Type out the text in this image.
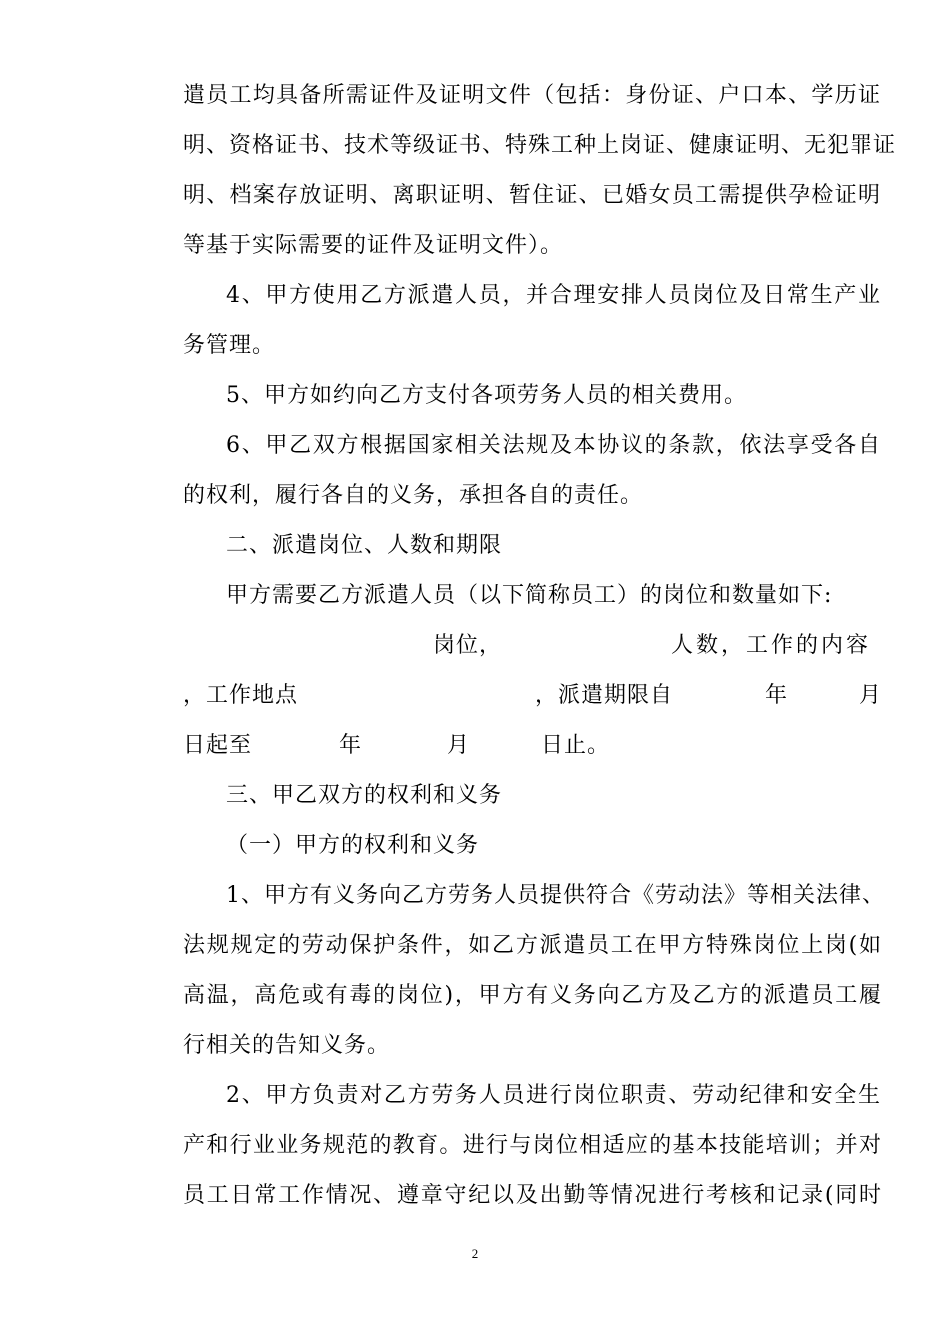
遣员工均具备所需证件及证明文件（包括：身份证、户口本、学历证
明、资格证书、技术等级证书、特殊工种上岗证、健康证明、无犯罪证
明、档案存放证明、离职证明、暂住证、已婚女员工需提供孕检证明
等基于实际需要的证件及证明文件）。
4、甲方使用乙方派遣人员，并合理安排人员岗位及日常生产业
务管理。
5、甲方如约向乙方支付各项劳务人员的相关费用。
6、甲乙双方根据国家相关法规及本协议的条款，依法享受各自
的权利，履行各自的义务，承担各自的责任。
二、派遣岗位、人数和期限
甲方需要乙方派遣人员（以下简称员工）的岗位和数量如下:
岗位，	人数，工作的内容
，工作地点	，派遣期限自	年	月
日起至	年	月	日止。
三、甲乙双方的权利和义务
（一）甲方的权利和义务
1、甲方有义务向乙方劳务人员提供符合《劳动法》等相关法律、
法规规定的劳动保护条件，如乙方派遣员工在甲方特殊岗位上岗(如
高温，高危或有毒的岗位)，甲方有义务向乙方及乙方的派遣员工履
行相关的告知义务。
2、甲方负责对乙方劳务人员进行岗位职责、劳动纪律和安全生
产和行业业务规范的教育。进行与岗位相适应的基本技能培训；并对
员工日常工作情况、遵章守纪以及出勤等情况进行考核和记录(同时
2
